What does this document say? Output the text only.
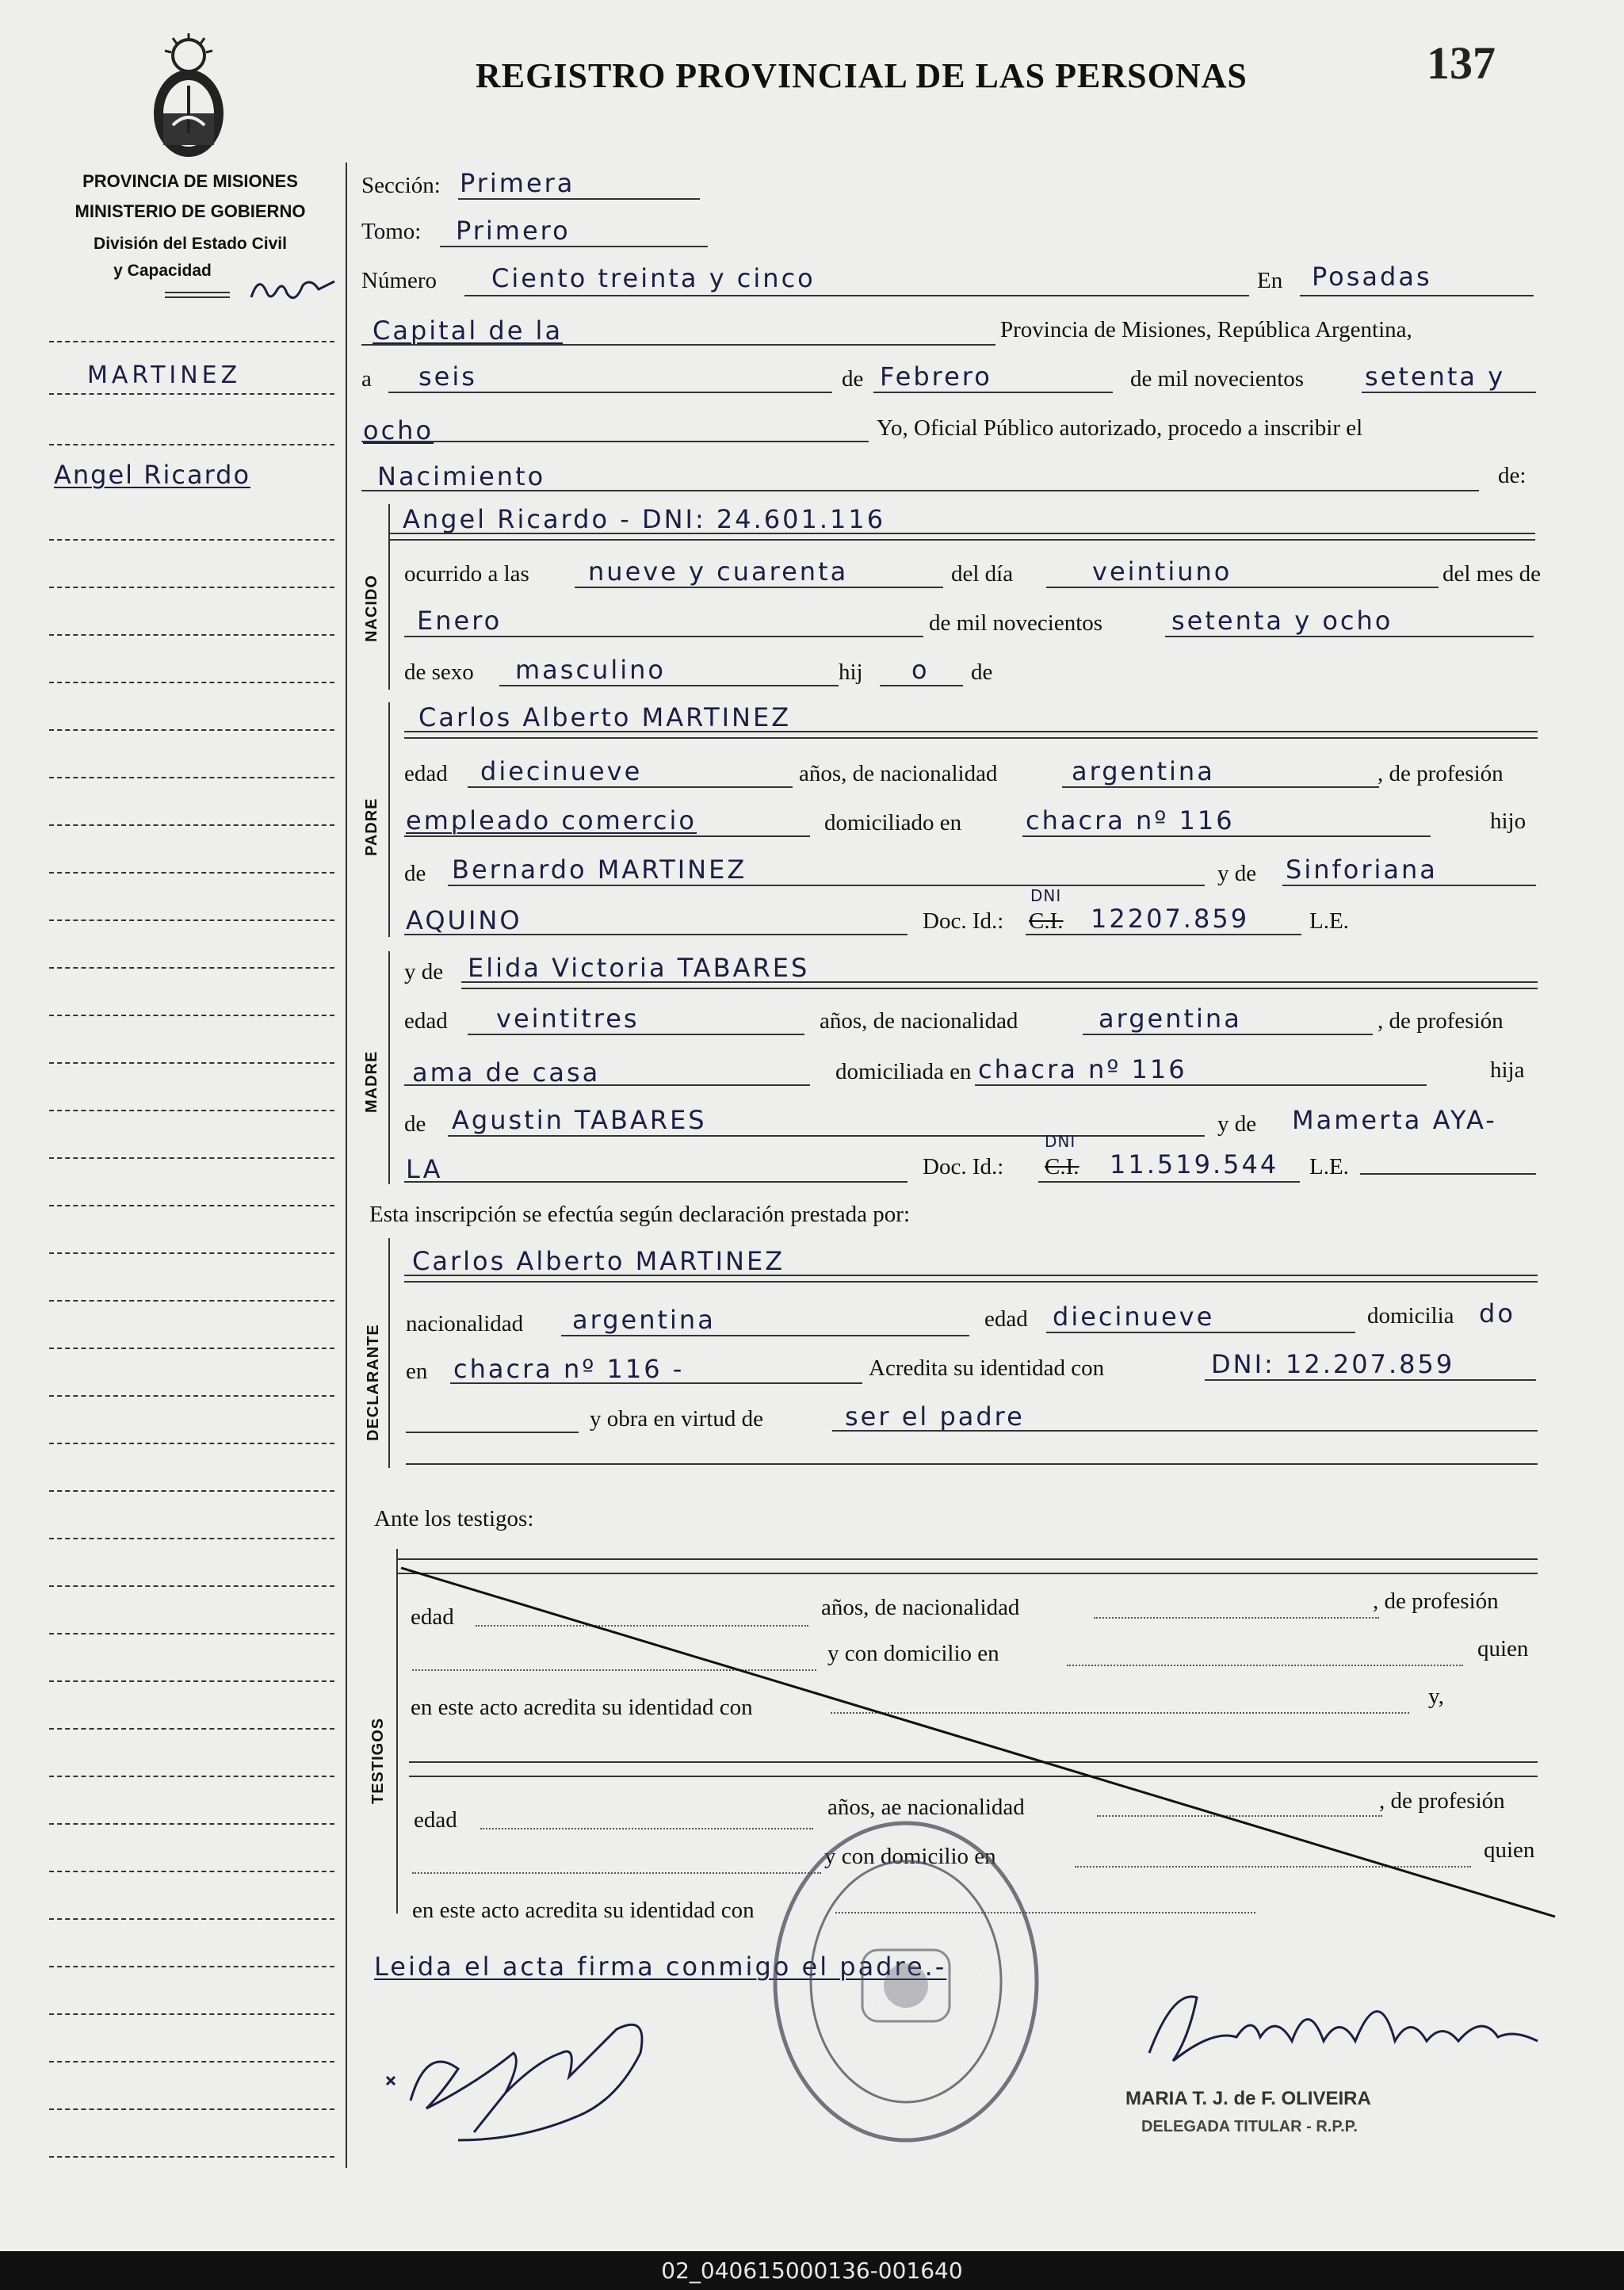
PROVINCIA DE MISIONES
MINISTERIO DE GOBIERNO
División del Estado Civil
y Capacidad
REGISTRO PROVINCIAL DE LAS PERSONAS	137
MARTINEZ
Angel Ricardo
Sección: Primera
Tomo: Primero
Número Ciento treinta y cinco	En Posadas
Capital de la	Provincia de Misiones, República Argentina,
a seis	de Febrero	de mil novecientos setenta y
ocho	Yo, Oficial Público autorizado, procedo a inscribir el
Nacimiento	de:
NACIDO
Angel Ricardo - DNI: 24.601.116
ocurrido a las nueve y cuarenta	del día	veintiuno	del mes de
Enero	de mil novecientos	setenta y ocho
de sexo masculino	hij o de
PADRE
Carlos Alberto MARTINEZ
edad diecinueve	años, de nacionalidad	argentina	, de profesión
empleado comercio	domiciliado en	chacra nº 116	hijo
de Bernardo MARTINEZ	y de Sinforiana
AQUINO	Doc. Id.:
DNI
C.I. 12207.859	L.E.
MADRE
y de Elida Victoria TABARES
edad veintitres	años, de nacionalidad	argentina	, de profesión
ama de casa	domiciliada en chacra nº 116	hija
de Agustin TABARES	y de Mamerta AYA-
LA	Doc. Id.:
DNI
C.I. 11.519.544 L.E.
Esta inscripción se efectúa según declaración prestada por:
DECLARANTE
Carlos Alberto MARTINEZ
nacionalidad argentina	edad diecinueve	domicilia do
en chacra nº 116 -	Acredita su identidad con	DNI: 12.207.859
y obra en virtud de	ser el padre
Ante los testigos:
TESTIGOS
edad	años, de nacionalidad	, de profesión
y con domicilio en	quien
en este acto acredita su identidad con	y,
edad	años, ae nacionalidad	, de profesión
y con domicilio en	quien
en este acto acredita su identidad con
Leida el acta firma conmigo el padre.-
MARIA T. J. de F. OLIVEIRA
DELEGADA TITULAR - R.P.P.
02_040615000136-001640
